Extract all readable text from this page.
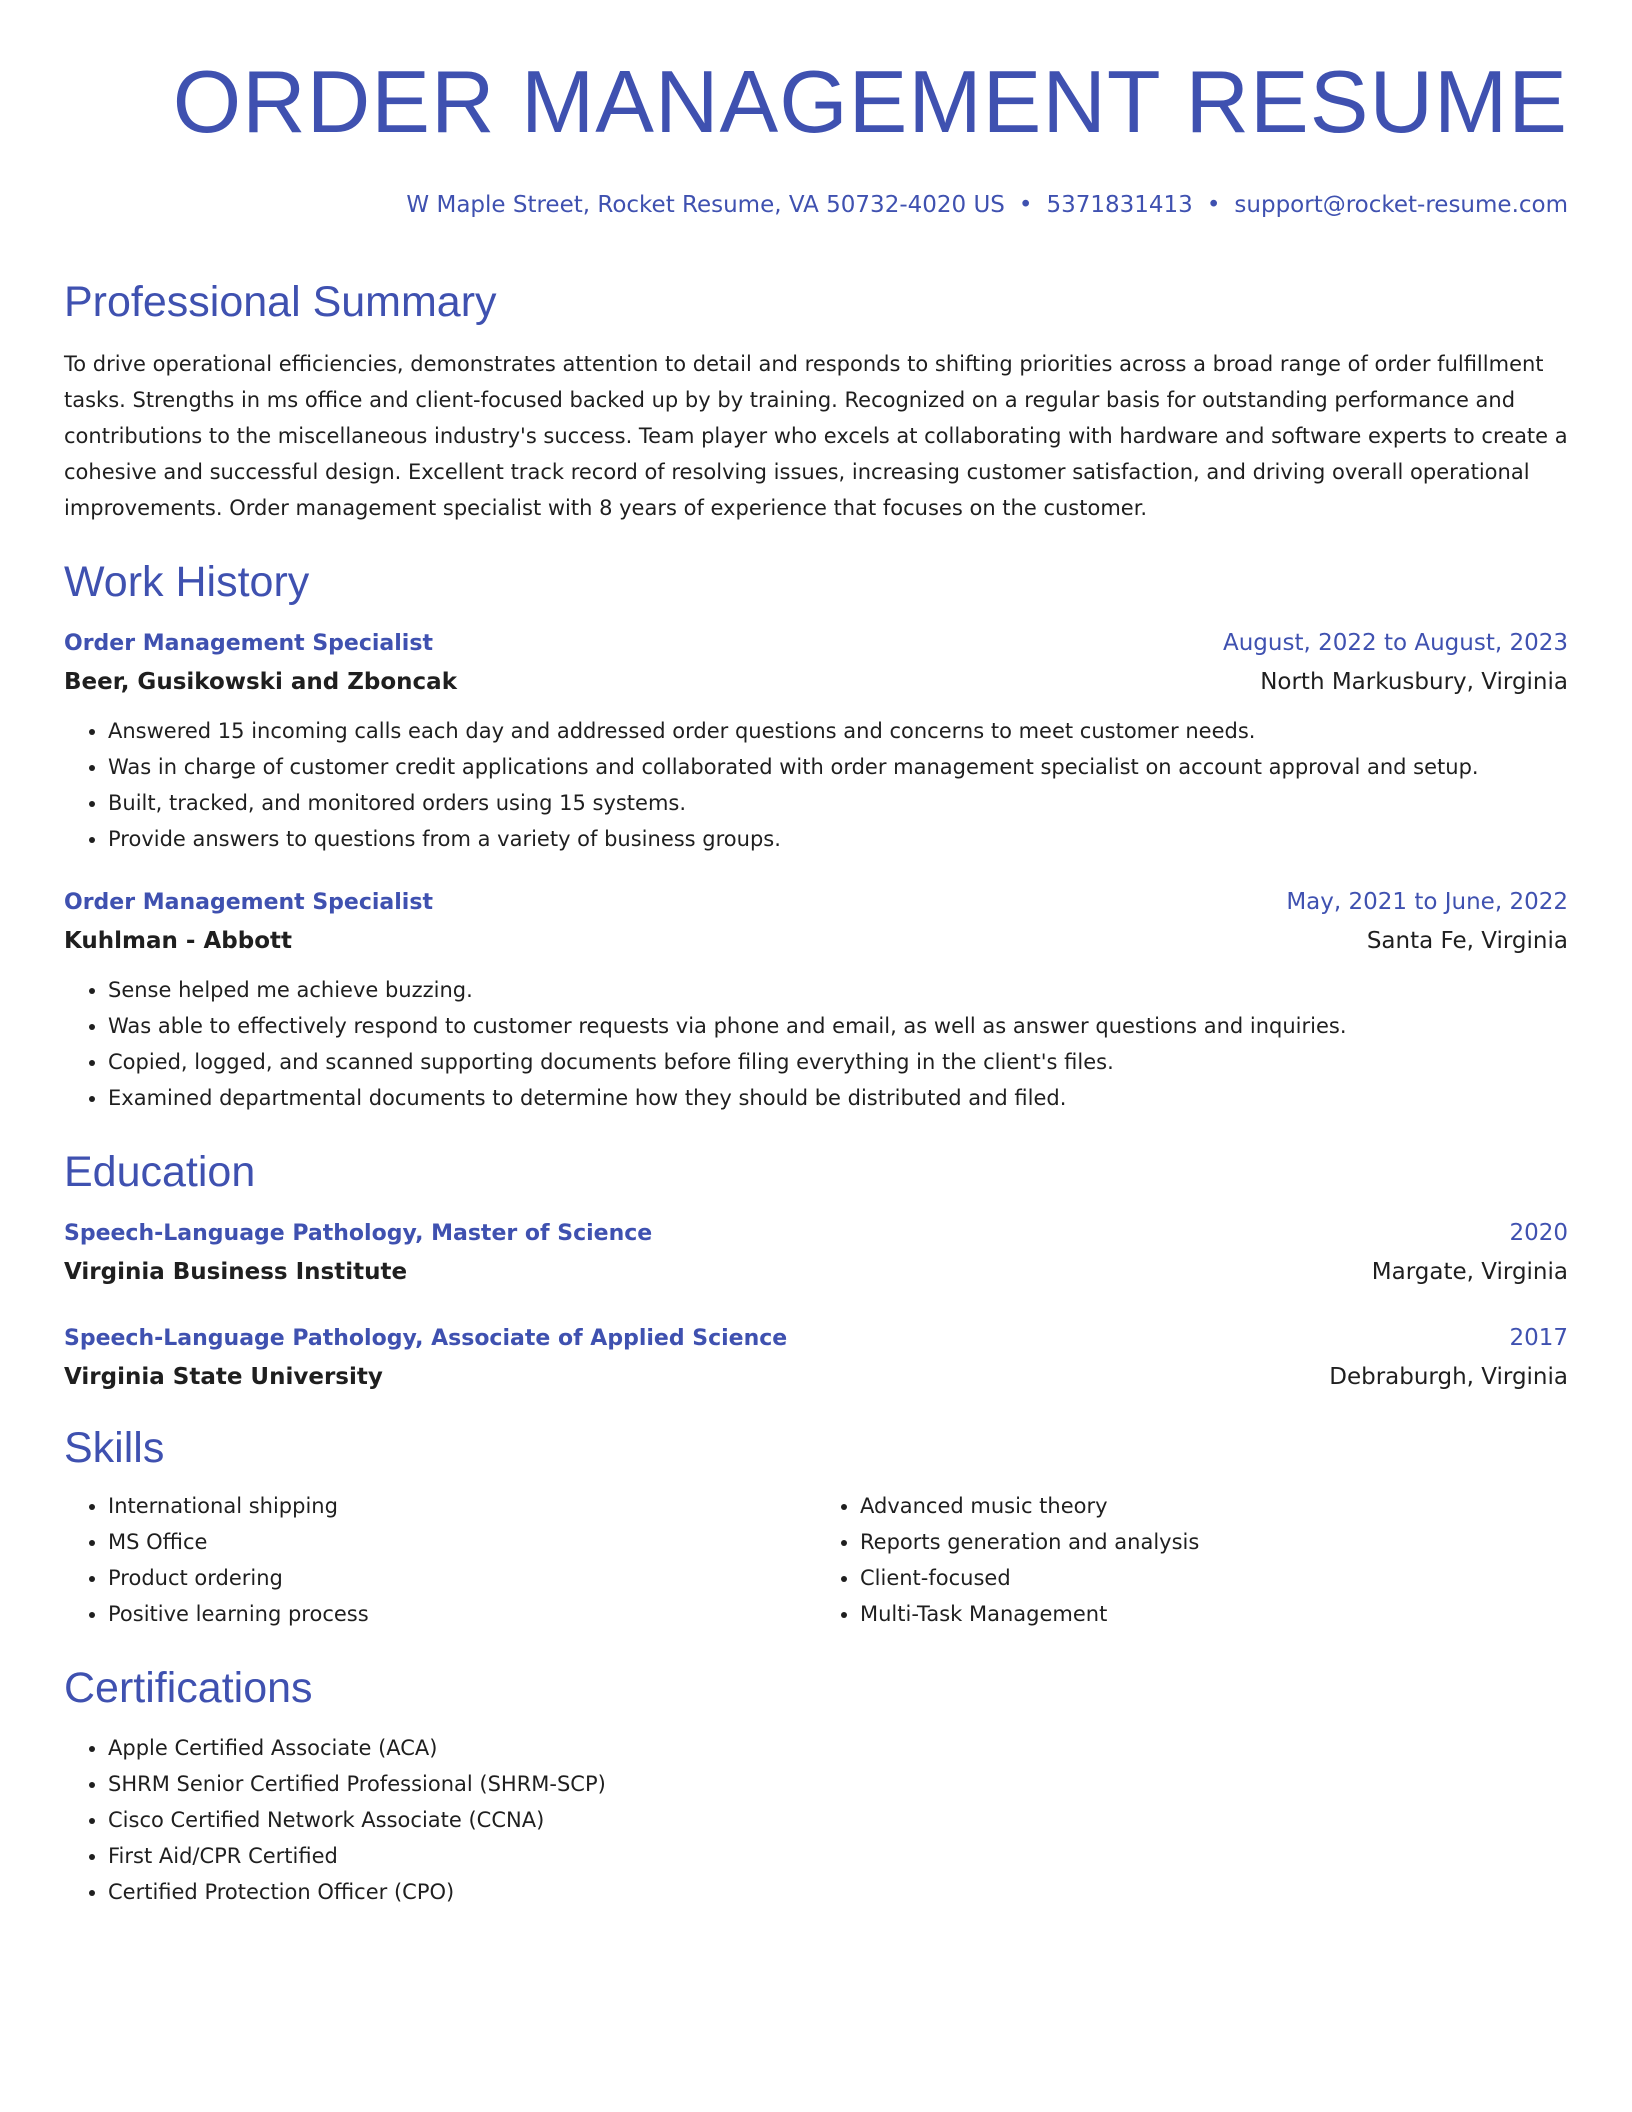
ORDER MANAGEMENT RESUME
W Maple Street, Rocket Resume, VA 50732-4020 US • 5371831413 • support@rocket-resume.com
Professional Summary

To drive operational efficiencies, demonstrates attention to detail and responds to shifting priorities across a broad range of order fulfillment tasks. Strengths in ms office and client-focused backed up by by training. Recognized on a regular basis for outstanding performance and contributions to the miscellaneous industry's success. Team player who excels at collaborating with hardware and software experts to create a cohesive and successful design. Excellent track record of resolving issues, increasing customer satisfaction, and driving overall operational improvements. Order management specialist with 8 years of experience that focuses on the customer.

Work History
Order Management Specialist	August, 2022 to August, 2023
Beer, Gusikowski and Zboncak	North Markusbury, Virginia
• Answered 15 incoming calls each day and addressed order questions and concerns to meet customer needs.
• Was in charge of customer credit applications and collaborated with order management specialist on account approval and setup.
• Built, tracked, and monitored orders using 15 systems.
• Provide answers to questions from a variety of business groups.
Order Management Specialist	May, 2021 to June, 2022
Kuhlman - Abbott	Santa Fe, Virginia
• Sense helped me achieve buzzing.
• Was able to effectively respond to customer requests via phone and email, as well as answer questions and inquiries.
• Copied, logged, and scanned supporting documents before filing everything in the client's files.
• Examined departmental documents to determine how they should be distributed and filed.
Education
Speech-Language Pathology, Master of Science	2020
Virginia Business Institute	Margate, Virginia
Speech-Language Pathology, Associate of Applied Science	2017
Virginia State University	Debraburgh, Virginia
Skills
• International shipping
• MS Office
• Product ordering
• Positive learning process
• Advanced music theory
• Reports generation and analysis
• Client-focused
• Multi-Task Management
Certifications
• Apple Certified Associate (ACA)
• SHRM Senior Certified Professional (SHRM-SCP)
• Cisco Certified Network Associate (CCNA)
• First Aid/CPR Certified
• Certified Protection Officer (CPO)
